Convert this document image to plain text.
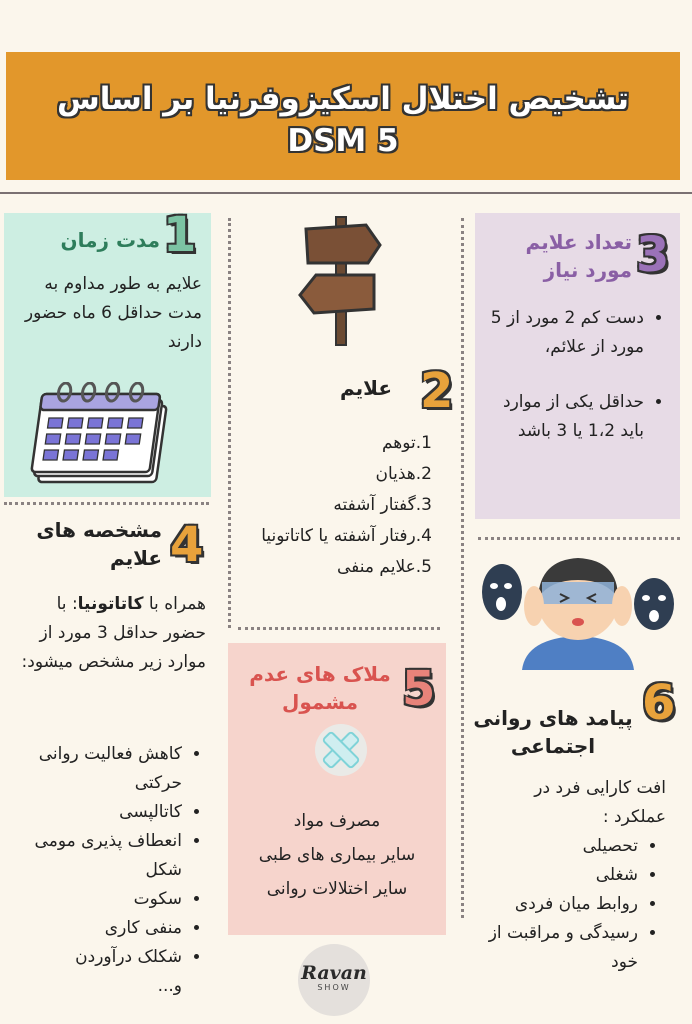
تشخیص اختلال اسکیزوفرنیا بر اساس
DSM 5
1
مدت زمان
علایم به طور مداوم به مدت حداقل 6 ماه حضور دارند
2
علایم
1.توهم
2.هذیان
3.گفتار آشفته
4.رفتار آشفته یا کاتاتونیا
5.علایم منفی
3
تعداد علایم مورد نیاز
• دست کم 2 مورد از 5 مورد از علائم،
• حداقل یکی از موارد باید 1،2 یا 3 باشد
4
مشخصه های علایم
همراه با کاتاتونیا: با حضور حداقل 3 مورد از موارد زیر مشخص میشود:
• کاهش فعالیت روانی حرکتی
• کاتالپسی
• انعطاف پذیری مومی شکل
• سکوت
• منفی کاری
• شکلک درآوردن
و...
5
ملاک های عدم مشمول
مصرف مواد
سایر بیماری های طبی
سایر اختلالات روانی
6
پیامد های روانی اجتماعی
افت کارایی فرد در عملکرد :
• تحصیلی
• شغلی
• روابط میان فردی
• رسیدگی و مراقبت از خود
Ravan
SHOW
